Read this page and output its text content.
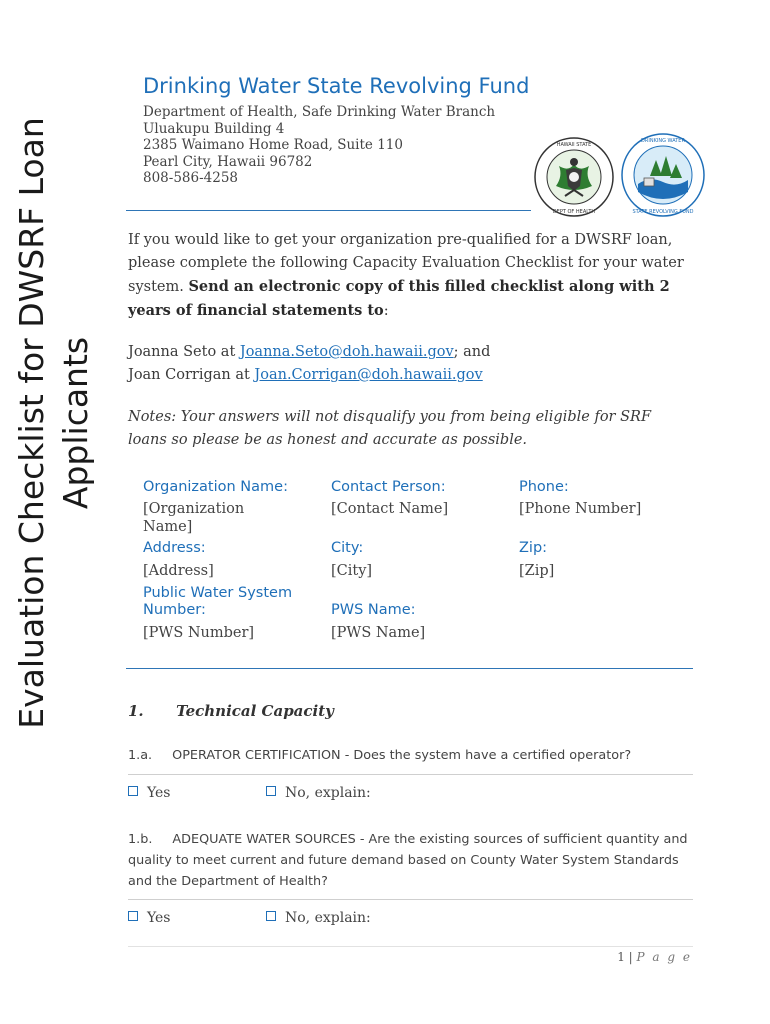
Evaluation Checklist for DWSRF Loan Applicants
Drinking Water State Revolving Fund
Department of Health, Safe Drinking Water Branch
Uluakupu Building 4
2385 Waimano Home Road, Suite 110
Pearl City, Hawaii 96782
808-586-4258
HAWAII STATE
DEPT OF HEALTH
DRINKING WATER
STATE REVOLVING FUND
If you would like to get your organization pre-qualified for a DWSRF loan, please complete the following Capacity Evaluation Checklist for your water system. Send an electronic copy of this filled checklist along with 2 years of financial statements to:
Joanna Seto at Joanna.Seto@doh.hawaii.gov; and
Joan Corrigan at Joan.Corrigan@doh.hawaii.gov
Notes: Your answers will not disqualify you from being eligible for SRF loans so please be as honest and accurate as possible.
Organization Name:
[Organization Name]
Contact Person:
[Contact Name]
Phone:
[Phone Number]
Address:
[Address]
City:
[City]
Zip:
[Zip]
Public Water System Number:
[PWS Number]
PWS Name:
[PWS Name]
1. Technical Capacity
1.a. OPERATOR CERTIFICATION - Does the system have a certified operator?
Yes	No, explain:
1.b. ADEQUATE WATER SOURCES - Are the existing sources of sufficient quantity and quality to meet current and future demand based on County Water System Standards and the Department of Health?
Yes	No, explain:
1 | P a g e
